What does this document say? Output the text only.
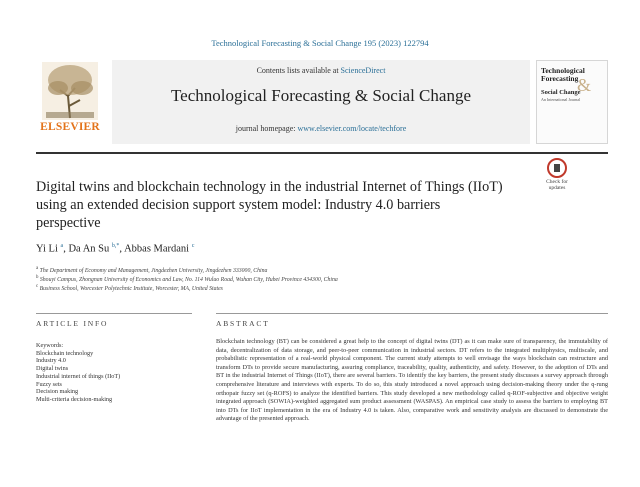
Technological Forecasting & Social Change 195 (2023) 122794
ELSEVIER
Contents lists available at ScienceDirect
Technological Forecasting & Social Change
journal homepage: www.elsevier.com/locate/techfore
Technological
Forecasting
&
Social Change
An International Journal
Digital twins and blockchain technology in the industrial Internet of Things (IIoT) using an extended decision support system model: Industry 4.0 barriers perspective
Check for updates
Yi Li $^a$, Da An Su $^{b,*}$, Abbas Mardani $^c$
$^a$ The Department of Economy and Management, Jingdezhen University, Jingdezhen 333000, China
$^b$ Shouyi Campus, Zhongnan University of Economics and Law, No. 114 Wuluo Road, Wuhan City, Hubei Province 434300, China
$^c$ Business School, Worcester Polytechnic Institute, Worcester, MA, United States
ARTICLE INFO	ABSTRACT
Keywords:
Blockchain technology
Industry 4.0
Digital twins
Industrial internet of things (IIoT)
Fuzzy sets
Decision making
Multi-criteria decision-making
Blockchain technology (BT) can be considered a great help to the concept of digital twins (DT) as it can make sure of transparency, the immutability of data, decentralization of data storage, and peer-to-peer communication in industrial sectors. DT refers to the integrated multiphysics, multiscale, and probabilistic representation of a real-world physical component. The current study attempts to well envisage the ways blockchain can restructure and transform DTs to provide secure manufacturing, assuring compliance, traceability, quality, authenticity, and safety. However, to the adoption of DTs and BT in the industrial Internet of Things (IIoT), there are several barriers. To identify the key barriers, the present study discusses a survey approach through comprehensive literature and interviews with experts. To do so, this study introduced a novel approach using decision-making theory under the q-rung orthopair fuzzy set (q-ROFS) to analyze the identified barriers. This study developed a new methodology called q-ROF-subjective and objective weight integrated approach (SOWIA)-weighted aggregated sum product assessment (WASPAS). An empirical case study to assess the barriers to employing BT into DTs for IIoT implementation in the era of Industry 4.0 is taken. Also, comparative work and sensitivity analysis are discussed to demonstrate the advantage of the presented approach.
